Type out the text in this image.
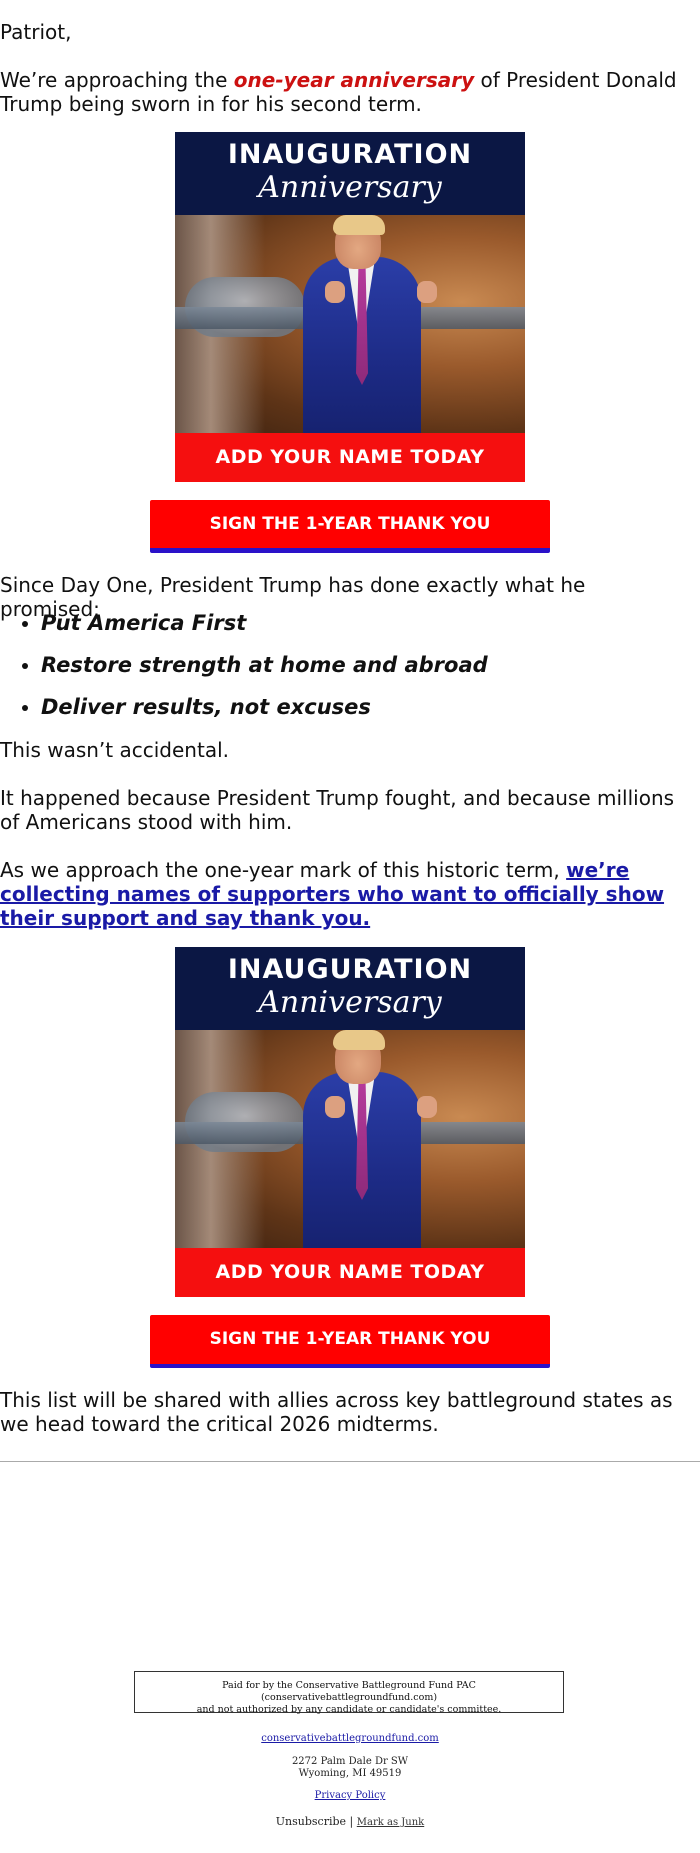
Patriot,

We’re approaching the one-year anniversary of President Donald Trump being sworn in for his second term.

INAUGURATION
Anniversary
ADD YOUR NAME TODAY
SIGN THE 1-YEAR THANK YOU

Since Day One, President Trump has done exactly what he promised:

• Put America First
• Restore strength at home and abroad
• Deliver results, not excuses

This wasn’t accidental.

It happened because President Trump fought, and because millions of Americans stood with him.

As we approach the one-year mark of this historic term, we’re collecting names of supporters who want to officially show their support and say thank you.

INAUGURATION
Anniversary
ADD YOUR NAME TODAY
SIGN THE 1-YEAR THANK YOU

This list will be shared with allies across key battleground states as we head toward the critical 2026 midterms.

Paid for by the Conservative Battleground Fund PAC (conservativebattlegroundfund.com)
and not authorized by any candidate or candidate's committee.
conservativebattlegroundfund.com
2272 Palm Dale Dr SW
Wyoming, MI 49519
Privacy Policy
Unsubscribe | Mark as Junk
